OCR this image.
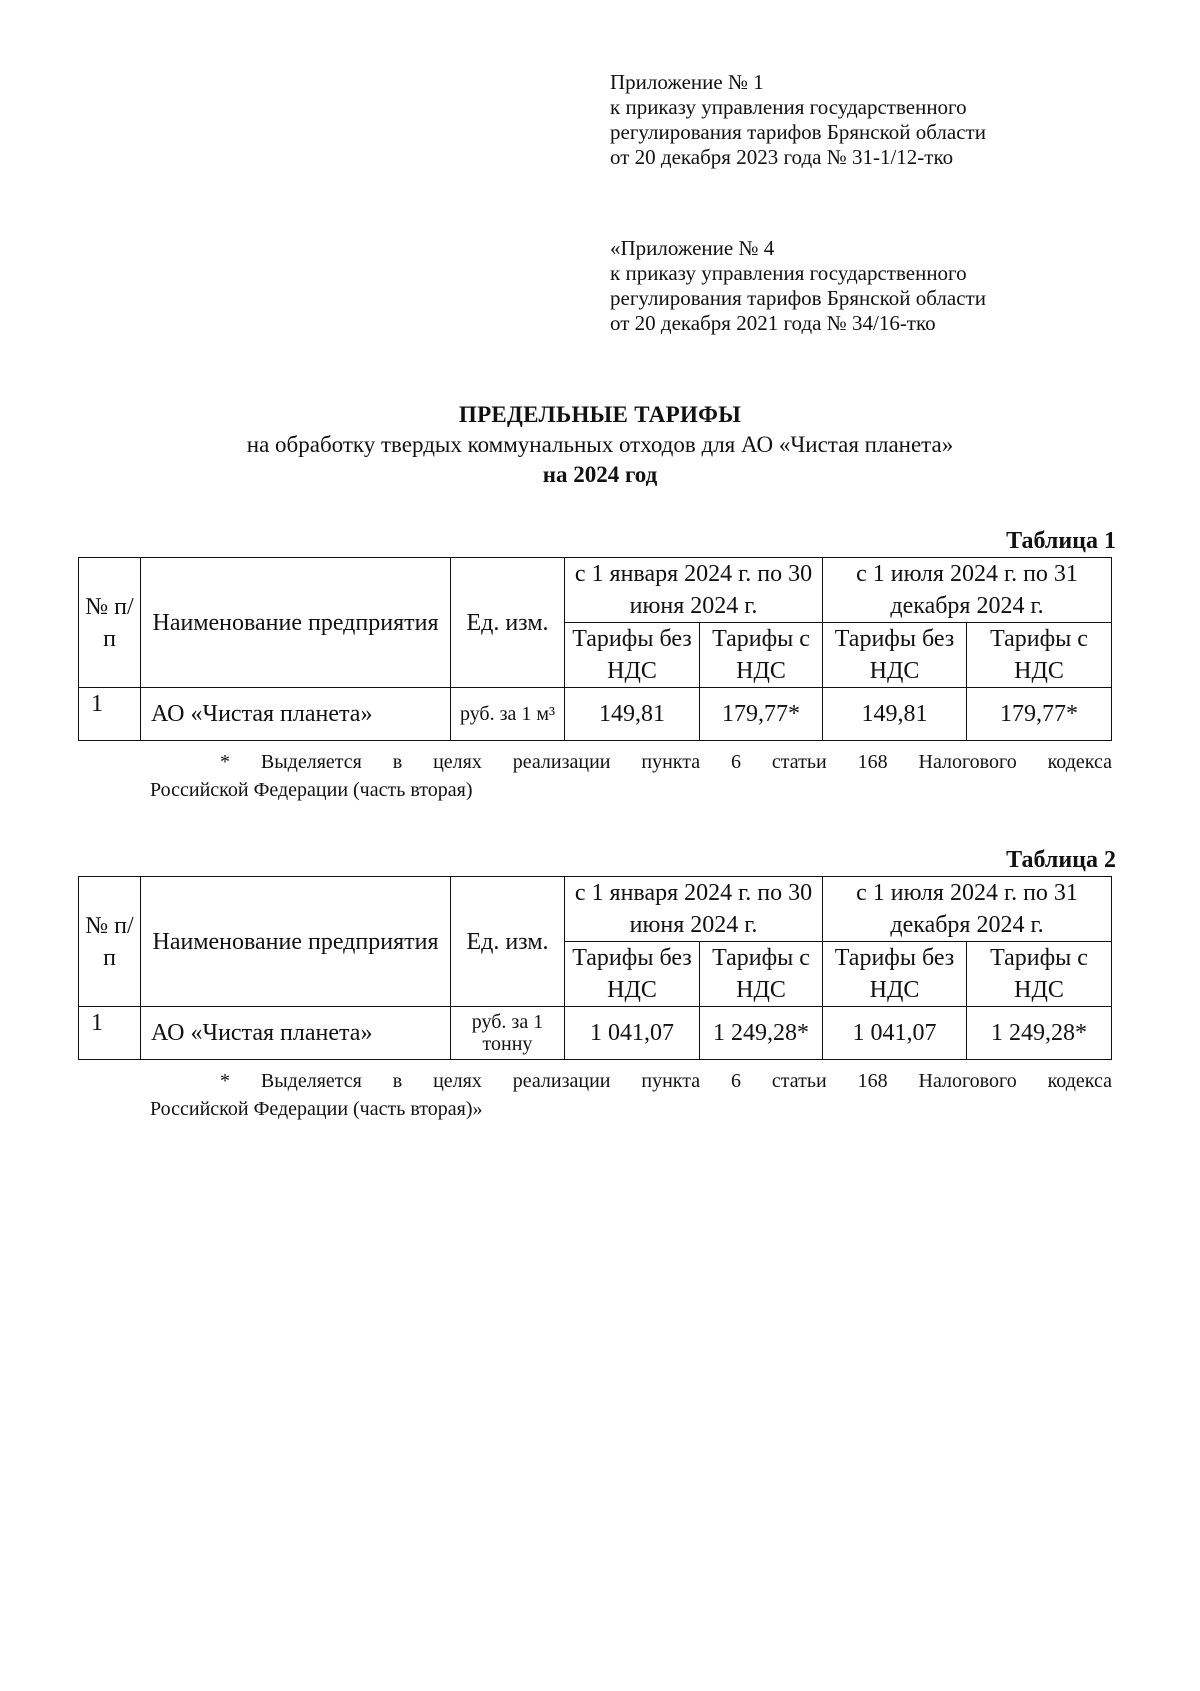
Приложение № 1
к приказу управления государственного
регулирования тарифов Брянской области
от 20 декабря 2023 года № 31-1/12-тко
«Приложение № 4
к приказу управления государственного
регулирования тарифов Брянской области
от 20 декабря 2021 года № 34/16-тко
ПРЕДЕЛЬНЫЕ ТАРИФЫ
на обработку твердых коммунальных отходов для АО «Чистая планета»
на 2024 год
Таблица 1
№ п/п	Наименование предприятия	Ед. изм.	с 1 января 2024 г. по 30 июня 2024 г.		с 1 июля 2024 г. по 31 декабря 2024 г.	
			Тарифы без НДС	Тарифы с НДС	Тарифы без НДС	Тарифы с НДС
1	АО «Чистая планета»	руб. за 1 м³	149,81	179,77*	149,81	179,77*
* Выделяется в целях реализации пункта 6 статьи 168 Налогового кодекса
Российской Федерации (часть вторая)
Таблица 2
№ п/п	Наименование предприятия	Ед. изм.	с 1 января 2024 г. по 30 июня 2024 г.		с 1 июля 2024 г. по 31 декабря 2024 г.	
			Тарифы без НДС	Тарифы с НДС	Тарифы без НДС	Тарифы с НДС
1	АО «Чистая планета»	руб. за 1 тонну	1 041,07	1 249,28*	1 041,07	1 249,28*
* Выделяется в целях реализации пункта 6 статьи 168 Налогового кодекса
Российской Федерации (часть вторая)»
